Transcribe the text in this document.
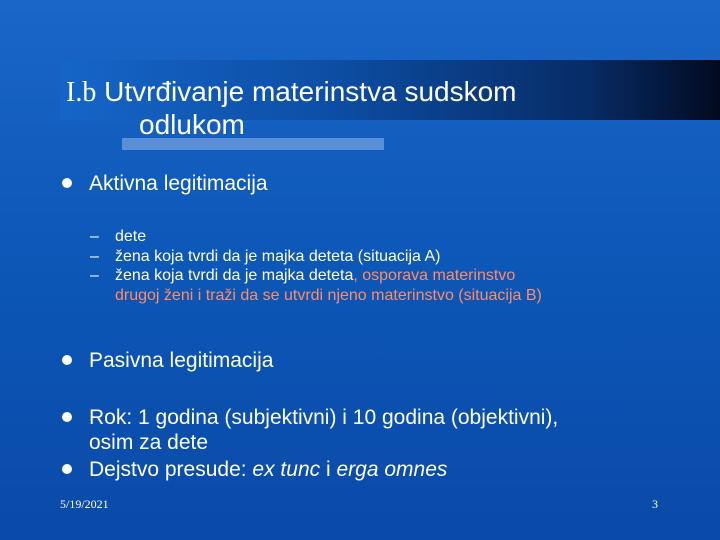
I.b Utvrđivanje materinstva sudskom
odlukom
Aktivna legitimacija
– dete
– žena koja tvrdi da je majka deteta (situacija A)
– žena koja tvrdi da je majka deteta, osporava materinstvo
drugoj ženi i traži da se utvrdi njeno materinstvo (situacija B)
Pasivna legitimacija
Rok: 1 godina (subjektivni) i 10 godina (objektivni),
osim za dete
Dejstvo presude: ex tunc i erga omnes
5/19/2021	3
